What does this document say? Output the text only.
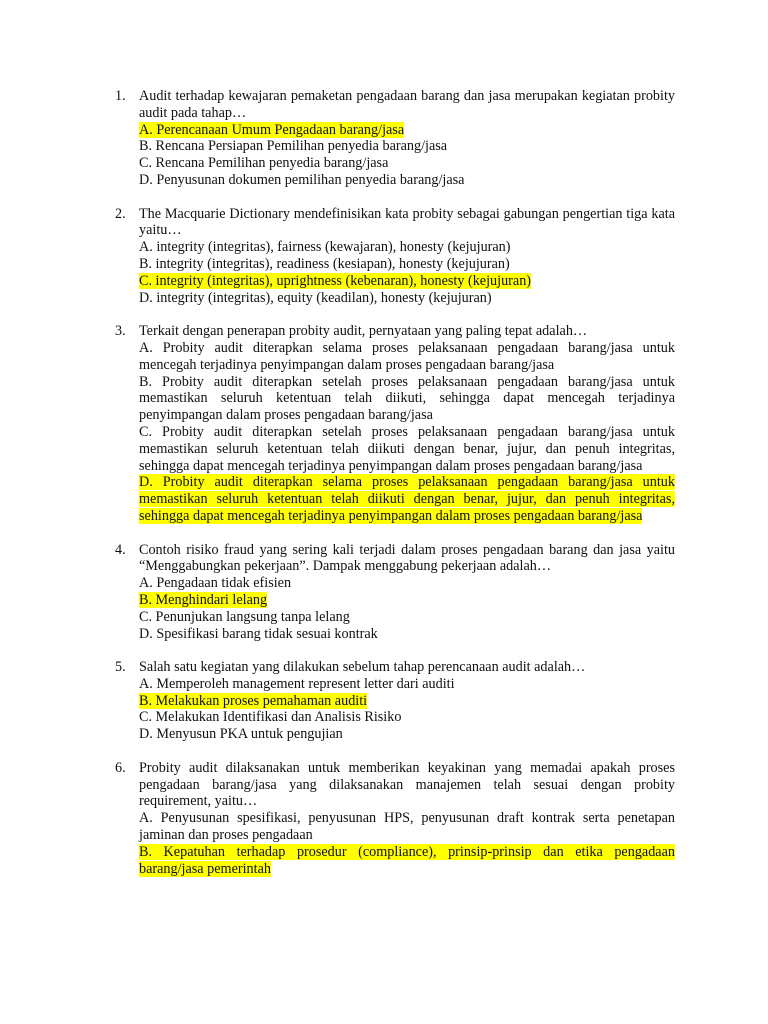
1. Audit terhadap kewajaran pemaketan pengadaan barang dan jasa merupakan kegiatan probity audit pada tahap…
A. Perencanaan Umum Pengadaan barang/jasa
B. Rencana Persiapan Pemilihan penyedia barang/jasa
C. Rencana Pemilihan penyedia barang/jasa
D. Penyusunan dokumen pemilihan penyedia barang/jasa
2. The Macquarie Dictionary mendefinisikan kata probity sebagai gabungan pengertian tiga kata yaitu…
A. integrity (integritas), fairness (kewajaran), honesty (kejujuran)
B. integrity (integritas), readiness (kesiapan), honesty (kejujuran)
C. integrity (integritas), uprightness (kebenaran), honesty (kejujuran)
D. integrity (integritas), equity (keadilan), honesty (kejujuran)
3. Terkait dengan penerapan probity audit, pernyataan yang paling tepat adalah…
A. Probity audit diterapkan selama proses pelaksanaan pengadaan barang/jasa untuk mencegah terjadinya penyimpangan dalam proses pengadaan barang/jasa
B. Probity audit diterapkan setelah proses pelaksanaan pengadaan barang/jasa untuk memastikan seluruh ketentuan telah diikuti, sehingga dapat mencegah terjadinya penyimpangan dalam proses pengadaan barang/jasa
C. Probity audit diterapkan setelah proses pelaksanaan pengadaan barang/jasa untuk memastikan seluruh ketentuan telah diikuti dengan benar, jujur, dan penuh integritas, sehingga dapat mencegah terjadinya penyimpangan dalam proses pengadaan barang/jasa
D. Probity audit diterapkan selama proses pelaksanaan pengadaan barang/jasa untuk memastikan seluruh ketentuan telah diikuti dengan benar, jujur, dan penuh integritas, sehingga dapat mencegah terjadinya penyimpangan dalam proses pengadaan barang/jasa
4. Contoh risiko fraud yang sering kali terjadi dalam proses pengadaan barang dan jasa yaitu “Menggabungkan pekerjaan”. Dampak menggabung pekerjaan adalah…
A. Pengadaan tidak efisien
B. Menghindari lelang
C. Penunjukan langsung tanpa lelang
D. Spesifikasi barang tidak sesuai kontrak
5. Salah satu kegiatan yang dilakukan sebelum tahap perencanaan audit adalah…
A. Memperoleh management represent letter dari auditi
B. Melakukan proses pemahaman auditi
C. Melakukan Identifikasi dan Analisis Risiko
D. Menyusun PKA untuk pengujian
6. Probity audit dilaksanakan untuk memberikan keyakinan yang memadai apakah proses pengadaan barang/jasa yang dilaksanakan manajemen telah sesuai dengan probity requirement, yaitu…
A. Penyusunan spesifikasi, penyusunan HPS, penyusunan draft kontrak serta penetapan jaminan dan proses pengadaan
B. Kepatuhan terhadap prosedur (compliance), prinsip-prinsip dan etika pengadaan barang/jasa pemerintah
